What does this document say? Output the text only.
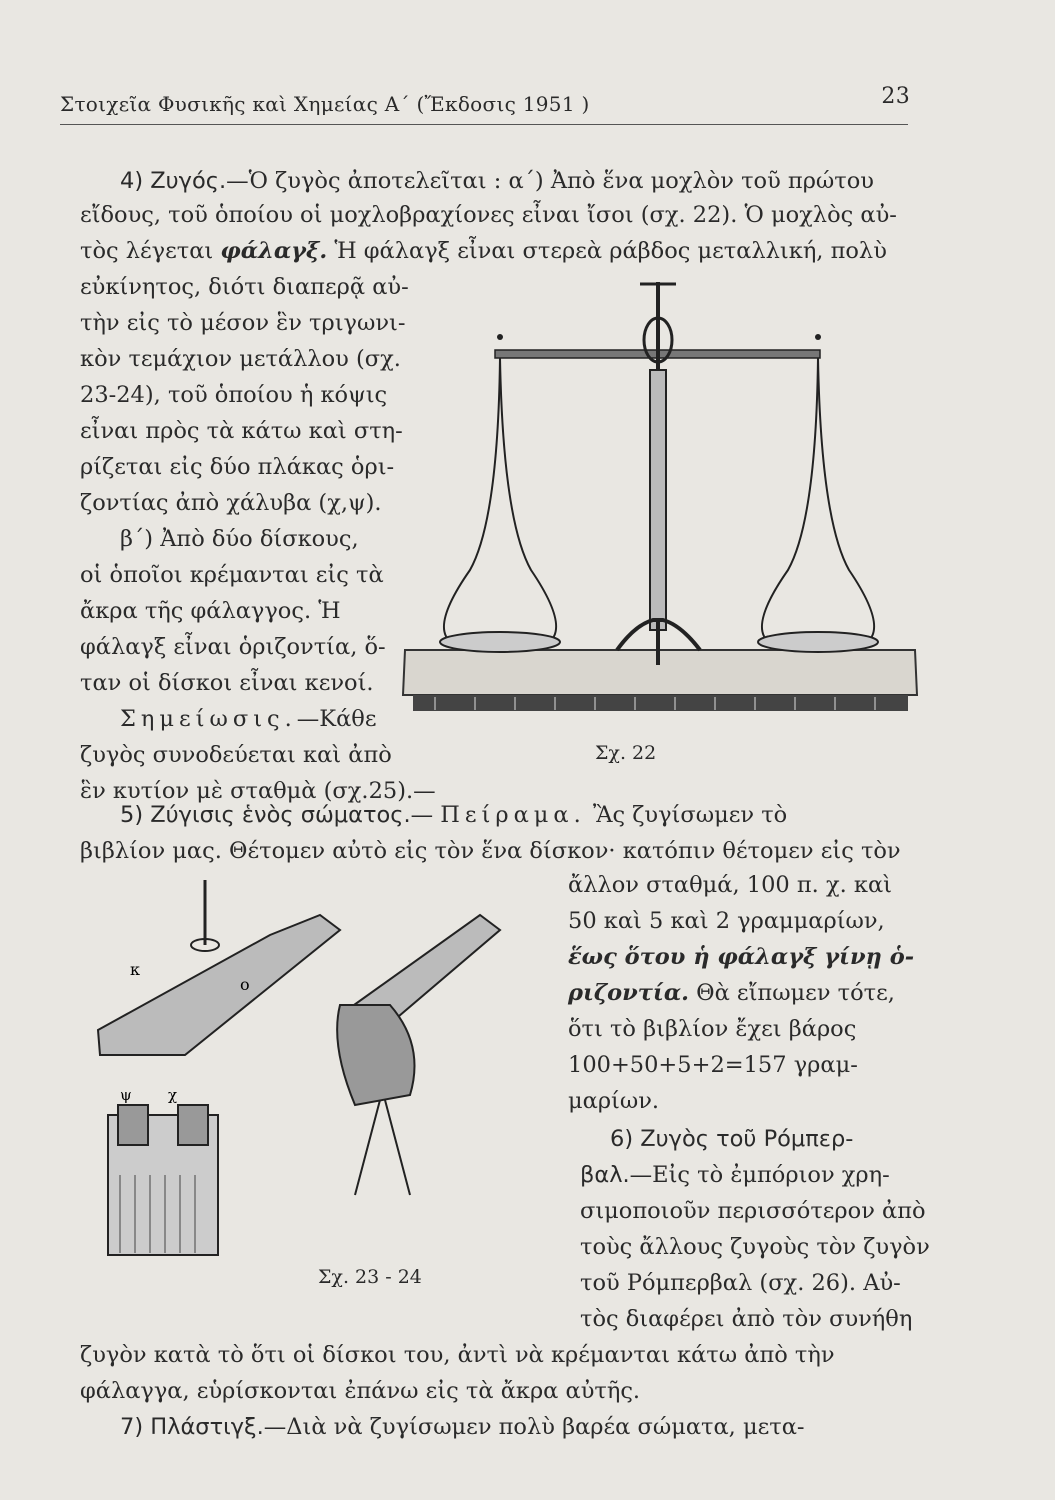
Στοιχεῖα Φυσικῆς καὶ Χημείας Α΄ (Ἔκδοσις 1951 )	23
4) Ζυγός.—Ὁ ζυγὸς ἀποτελεῖται : α΄) Ἀπὸ ἕνα μοχλὸν τοῦ πρώτου
εἴδους, τοῦ ὁποίου οἱ μοχλοβραχίονες εἶναι ἴσοι (σχ. 22). Ὁ μοχλὸς αὐ-
τὸς λέγεται φάλαγξ. Ἡ φάλαγξ εἶναι στερεὰ ράβδος μεταλλική, πολὺ
εὐκίνητος, διότι διαπερᾷ αὐ-
τὴν εἰς τὸ μέσον ἓν τριγωνι-
κὸν τεμάχιον μετάλλου (σχ.
23-24), τοῦ ὁποίου ἡ κόψις
εἶναι πρὸς τὰ κάτω καὶ στη-
ρίζεται εἰς δύο πλάκας ὁρι-
ζοντίας ἀπὸ χάλυβα (χ,ψ).
β΄) Ἀπὸ δύο δίσκους,
οἱ ὁποῖοι κρέμανται εἰς τὰ
ἄκρα τῆς φάλαγγος. Ἡ
φάλαγξ εἶναι ὁριζοντία, ὅ-
ταν οἱ δίσκοι εἶναι κενοί.
Σημείωσις.—Κάθε
ζυγὸς συνοδεύεται καὶ ἀπὸ
ἓν κυτίον μὲ σταθμὰ (σχ.25).—
Σχ. 22
5) Ζύγισις ἑνὸς σώματος.— Πείραμα. Ἂς ζυγίσωμεν τὸ
βιβλίον μας. Θέτομεν αὐτὸ εἰς τὸν ἕνα δίσκον· κατόπιν θέτομεν εἰς τὸν
ἄλλον σταθμά, 100 π. χ. καὶ
50 καὶ 5 καὶ 2 γραμμαρίων,
ἕως ὅτου ἡ φάλαγξ γίνῃ ὁ-
ριζοντία. Θὰ εἴπωμεν τότε,
ὅτι τὸ βιβλίον ἔχει βάρος
100+50+5+2=157 γραμ-
μαρίων.
κ
o
ψ χ
Σχ. 23 - 24
6) Ζυγὸς τοῦ Ρόμπερ-
βαλ.—Εἰς τὸ ἐμπόριον χρη-
σιμοποιοῦν περισσότερον ἀπὸ
τοὺς ἄλλους ζυγοὺς τὸν ζυγὸν
τοῦ Ρόμπερβαλ (σχ. 26). Αὐ-
τὸς διαφέρει ἀπὸ τὸν συνήθη
ζυγὸν κατὰ τὸ ὅτι οἱ δίσκοι του, ἀντὶ νὰ κρέμανται κάτω ἀπὸ τὴν
φάλαγγα, εὑρίσκονται ἐπάνω εἰς τὰ ἄκρα αὐτῆς.
7) Πλάστιγξ.—Διὰ νὰ ζυγίσωμεν πολὺ βαρέα σώματα, μετα-
